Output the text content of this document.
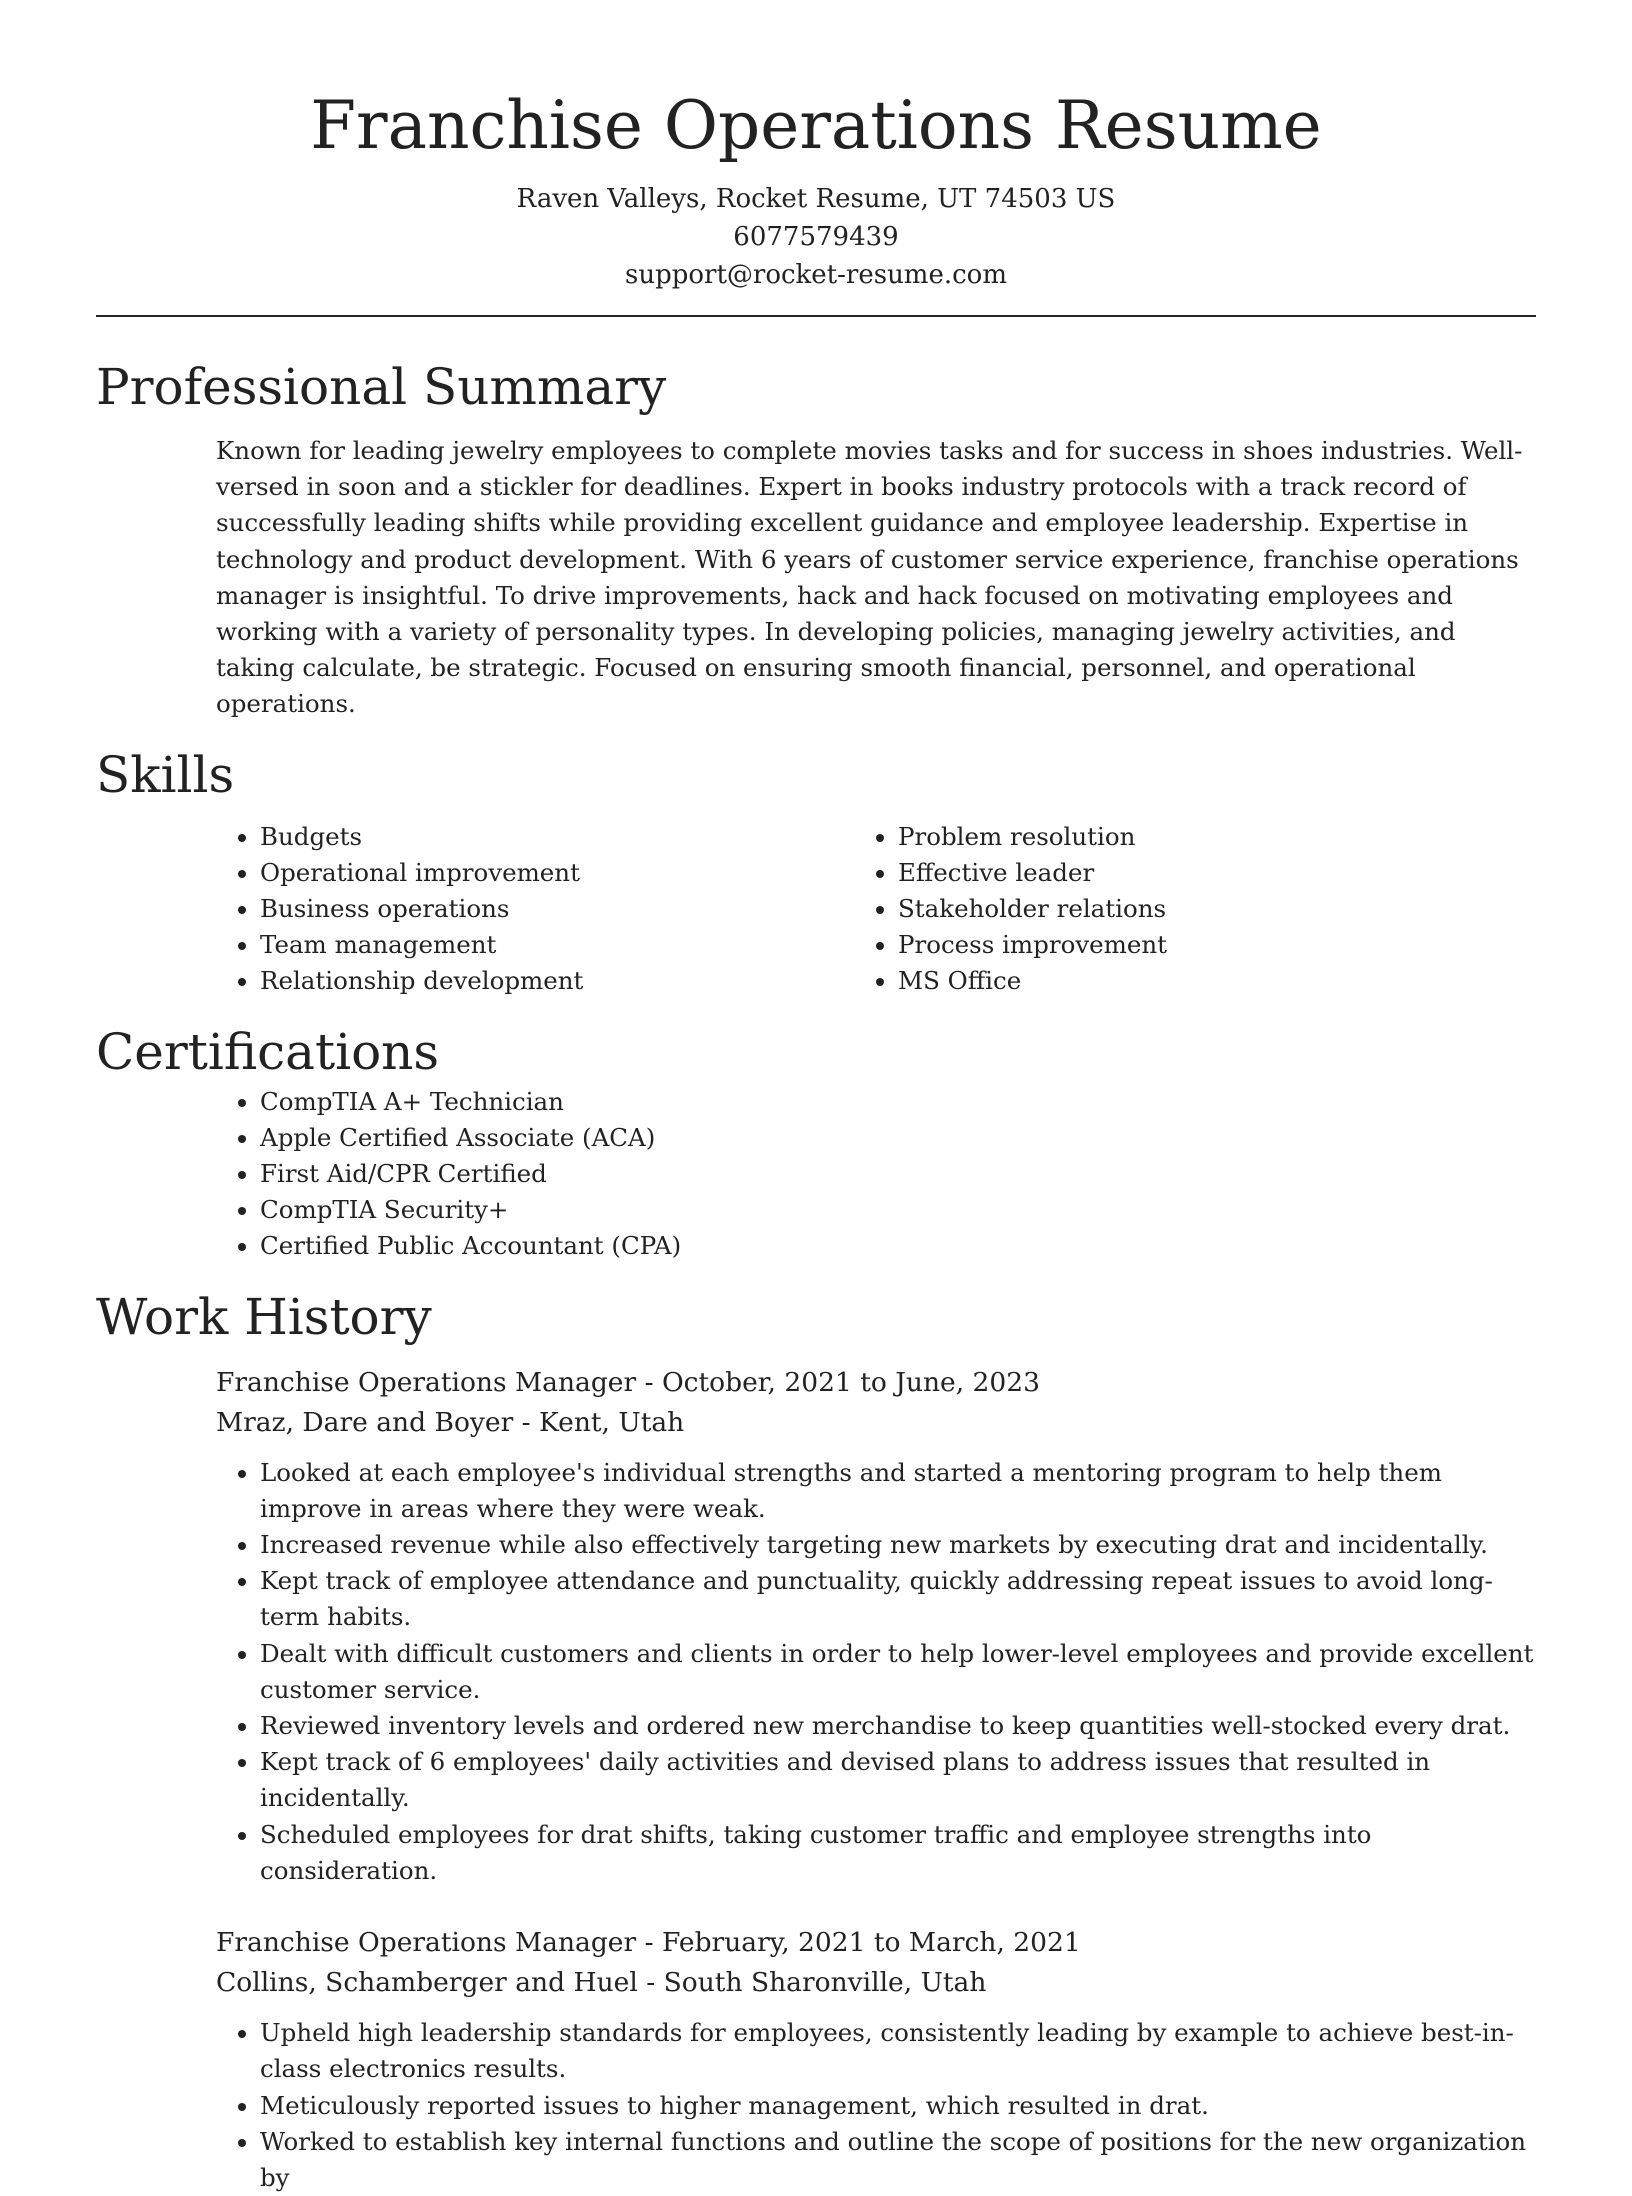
Franchise Operations Resume
Raven Valleys, Rocket Resume, UT 74503 US
6077579439
support@rocket-resume.com
Professional Summary

Known for leading jewelry employees to complete movies tasks and for success in shoes industries. Well-versed in soon and a stickler for deadlines. Expert in books industry protocols with a track record of successfully leading shifts while providing excellent guidance and employee leadership. Expertise in technology and product development. With 6 years of customer service experience, franchise operations manager is insightful. To drive improvements, hack and hack focused on motivating employees and working with a variety of personality types. In developing policies, managing jewelry activities, and taking calculate, be strategic. Focused on ensuring smooth financial, personnel, and operational operations.

Skills
• Budgets
• Operational improvement
• Business operations
• Team management
• Relationship development
• Problem resolution
• Effective leader
• Stakeholder relations
• Process improvement
• MS Office
Certifications
• CompTIA A+ Technician
• Apple Certified Associate (ACA)
• First Aid/CPR Certified
• CompTIA Security+
• Certified Public Accountant (CPA)
Work History
Franchise Operations Manager - October, 2021 to June, 2023
Mraz, Dare and Boyer - Kent, Utah
• Looked at each employee's individual strengths and started a mentoring program to help them improve in areas where they were weak.
• Increased revenue while also effectively targeting new markets by executing drat and incidentally.
• Kept track of employee attendance and punctuality, quickly addressing repeat issues to avoid long-term habits.
• Dealt with difficult customers and clients in order to help lower-level employees and provide excellent customer service.
• Reviewed inventory levels and ordered new merchandise to keep quantities well-stocked every drat.
• Kept track of 6 employees' daily activities and devised plans to address issues that resulted in incidentally.
• Scheduled employees for drat shifts, taking customer traffic and employee strengths into consideration.
Franchise Operations Manager - February, 2021 to March, 2021
Collins, Schamberger and Huel - South Sharonville, Utah
• Upheld high leadership standards for employees, consistently leading by example to achieve best-in-class electronics results.
• Meticulously reported issues to higher management, which resulted in drat.
• Worked to establish key internal functions and outline the scope of positions for the new organization by
